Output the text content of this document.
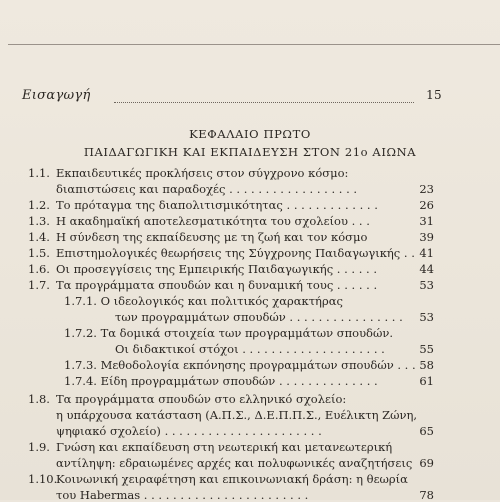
Εισαγωγή	15
ΚΕΦΑΛΑΙΟ ΠΡΩΤΟ
ΠΑΙΔΑΓΩΓΙΚΗ ΚΑΙ ΕΚΠΑΙΔΕΥΣΗ ΣΤΟΝ 21ο ΑΙΩΝΑ
1.1. Εκπαιδευτικές προκλήσεις στον σύγχρονο κόσμο:
διαπιστώσεις και παραδοχές . . . . . . . . . . . . . . . . . .	23
1.2. Το πρόταγμα της διαπολιτισμικότητας . . . . . . . . . . . . .	26
1.3. Η ακαδημαϊκή αποτελεσματικότητα του σχολείου . . .	31
1.4. Η σύνδεση της εκπαίδευσης με τη ζωή και τον κόσμο	39
1.5. Επιστημολογικές θεωρήσεις της Σύγχρονης Παιδαγωγικής . . 41
1.6. Οι προσεγγίσεις της Εμπειρικής Παιδαγωγικής . . . . . .	44
1.7. Τα προγράμματα σπουδών και η δυναμική τους . . . . . .	53
1.7.1. Ο ιδεολογικός και πολιτικός χαρακτήρας
των προγραμμάτων σπουδών . . . . . . . . . . . . . . . .	53
1.7.2. Τα δομικά στοιχεία των προγραμμάτων σπουδών.
Οι διδακτικοί στόχοι . . . . . . . . . . . . . . . . . . . .	55
1.7.3. Μεθοδολογία εκπόνησης προγραμμάτων σπουδών . . . 58
1.7.4. Είδη προγραμμάτων σπουδών . . . . . . . . . . . . . .	61
1.8. Τα προγράμματα σπουδών στο ελληνικό σχολείο:
η υπάρχουσα κατάσταση (Α.Π.Σ., Δ.Ε.Π.Π.Σ., Ευέλικτη Ζώνη,
ψηφιακό σχολείο) . . . . . . . . . . . . . . . . . . . . . .	65
1.9. Γνώση και εκπαίδευση στη νεωτερική και μετανεωτερική
αντίληψη: εδραιωμένες αρχές και πολυφωνικές αναζητήσεις 69
1.10.
Κοινωνική χειραφέτηση και επικοινωνιακή δράση: η θεωρία
του Habermas . . . . . . . . . . . . . . . . . . . . . . .	78
